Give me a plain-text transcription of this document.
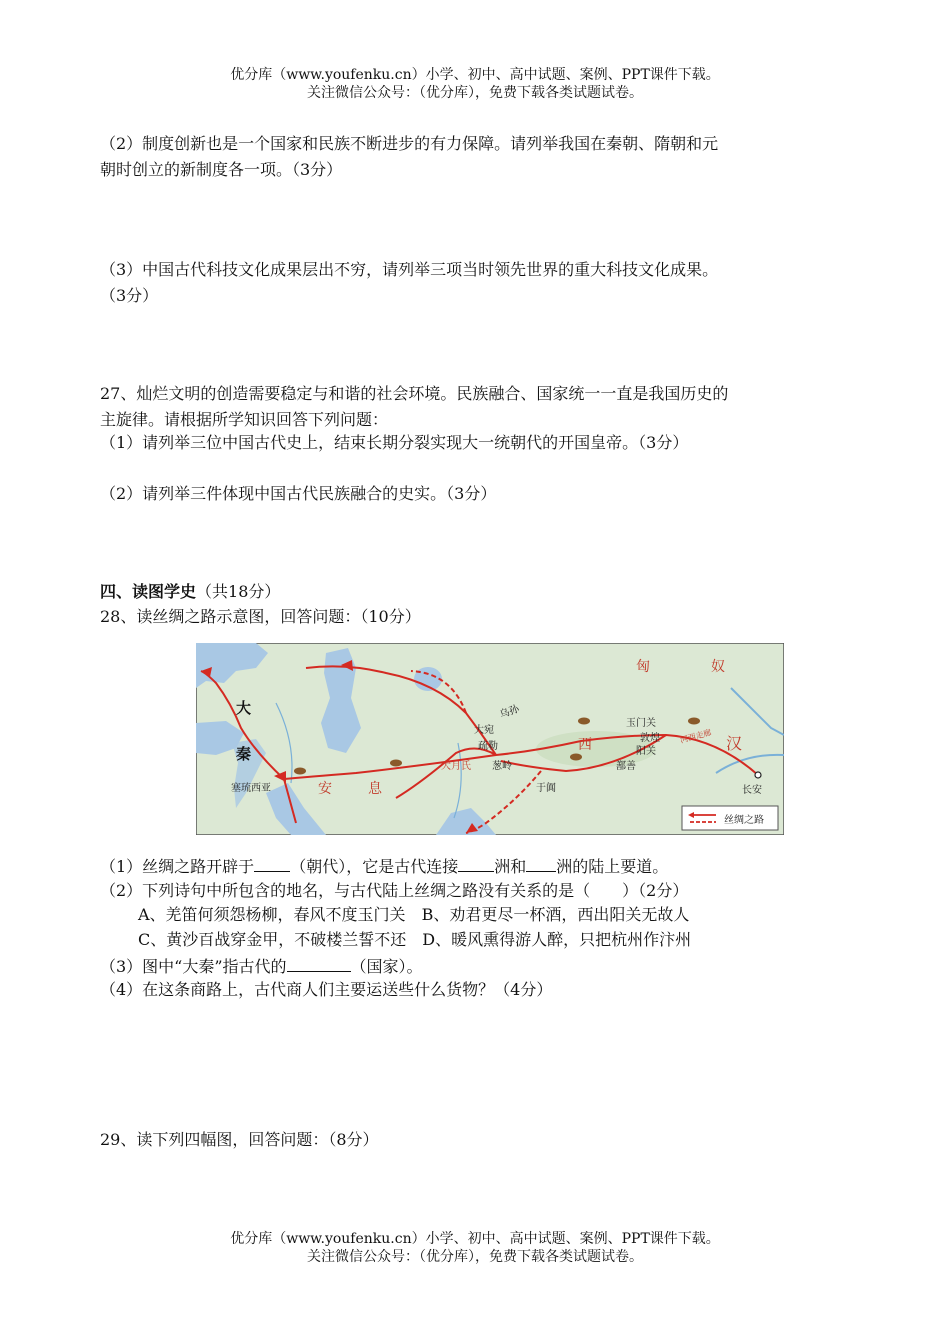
优分库（www.youfenku.cn）小学、初中、高中试题、案例、PPT课件下载。
关注微信公众号：（优分库），免费下载各类试题试卷。
（2）制度创新也是一个国家和民族不断进步的有力保障。请列举我国在秦朝、隋朝和元
朝时创立的新制度各一项。（3分）
（3）中国古代科技文化成果层出不穷，请列举三项当时领先世界的重大科技文化成果。
（3分）
27、灿烂文明的创造需要稳定与和谐的社会环境。民族融合、国家统一一直是我国历史的
主旋律。请根据所学知识回答下列问题：
（1）请列举三位中国古代史上，结束长期分裂实现大一统朝代的开国皇帝。（3分）
（2）请列举三件体现中国古代民族融合的史实。（3分）
四、读图学史（共18分）
28、读丝绸之路示意图，回答问题：（10分）
匈	奴
大
秦
塞琉西亚	安	息
大宛
乌孙
疏勒
大月氏 葱岭
于阗
西
鄯善
玉门关
敦煌
阳关
河西走廊 汉
长安
丝绸之路
（1）丝绸之路开辟于 （朝代），它是古代连接 洲和 洲的陆上要道。
（2）下列诗句中所包含的地名，与古代陆上丝绸之路没有关系的是（　　）（2分）
A、羌笛何须怨杨柳，春风不度玉门关　 B、劝君更尽一杯酒，西出阳关无故人
C、黄沙百战穿金甲，不破楼兰誓不还　 D、暖风熏得游人醉，只把杭州作汴州
（3）图中“大秦”指古代的	（国家）。
（4）在这条商路上，古代商人们主要运送些什么货物？（4分）
29、读下列四幅图，回答问题：（8分）
优分库（www.youfenku.cn）小学、初中、高中试题、案例、PPT课件下载。
关注微信公众号：（优分库），免费下载各类试题试卷。
